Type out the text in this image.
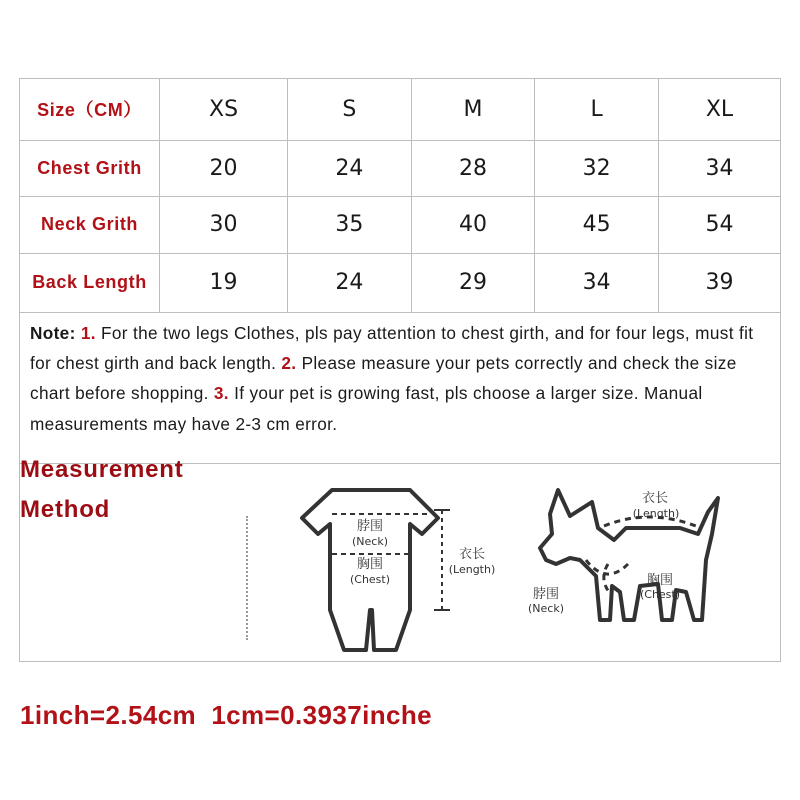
Size（CM）	XS	S	M	L	XL
Chest Grith	20	24	28	32	34
Neck Grith	30	35	40	45	54
Back Length	19	24	29	34	39
Note: 1. For the two legs Clothes, pls pay attention to chest girth, and for four legs, must fit for chest girth and back length. 2. Please measure your pets correctly and check the size chart before shopping. 3. If your pet is growing fast, pls choose a larger size. Manual measurements may have 2-3 cm error.
Measurement
Method
脖围
(Neck)
胸围
(Chest)
衣长
(Length)
衣长
(Length)
脖围
(Neck)
胸围
(Chest)
1inch=2.54cm  1cm=0.3937inche
